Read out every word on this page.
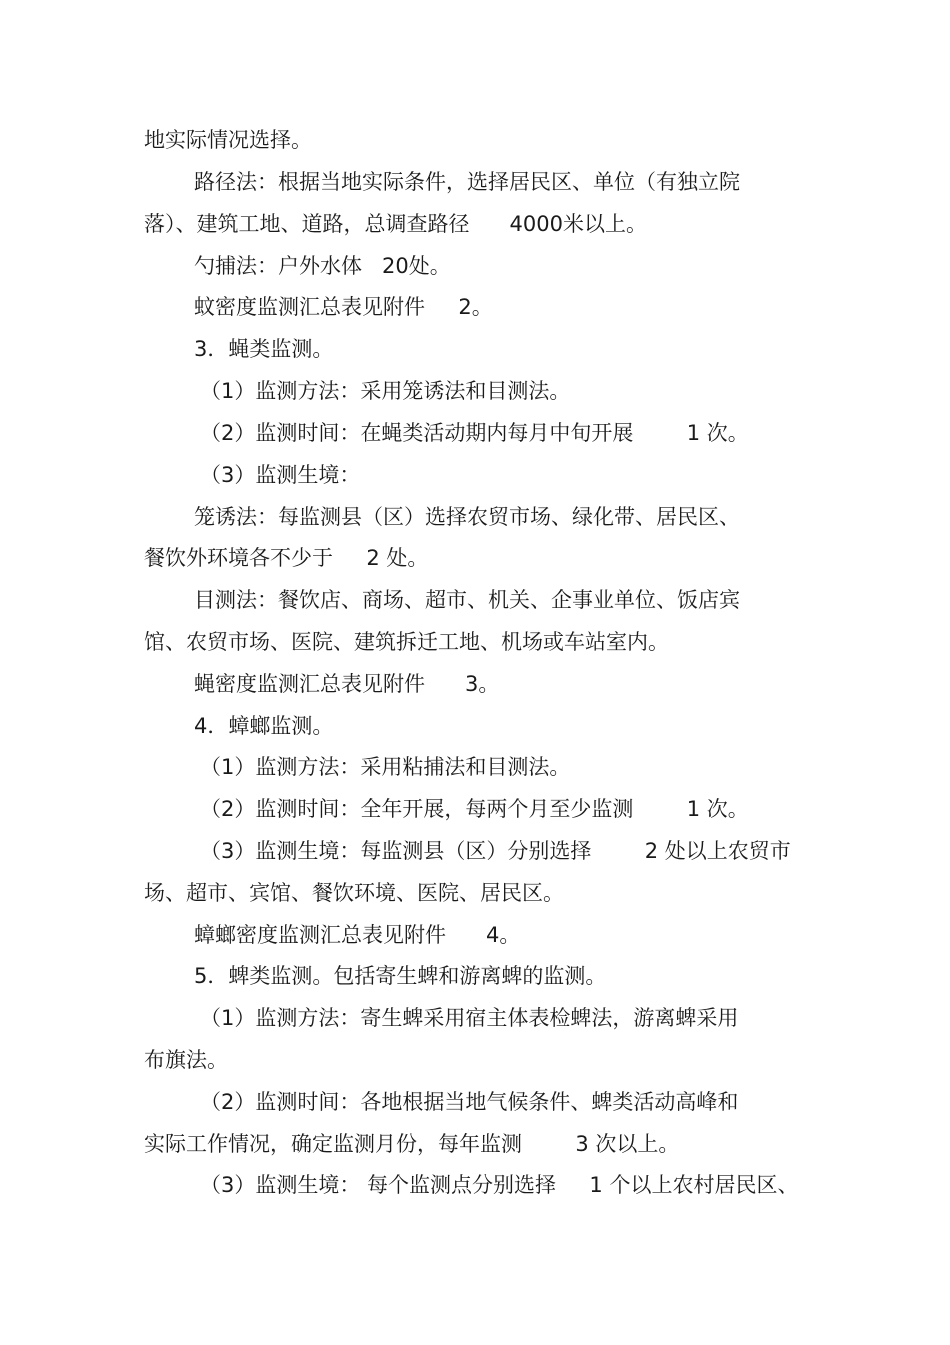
地实际情况选择。
路径法：根据当地实际条件，选择居民区、单位（有独立院
落）、建筑工地、道路，总调查路径      4000米以上。
勺捕法：户外水体   20处。
蚊密度监测汇总表见附件     2。
3．蝇类监测。
（1）监测方法：采用笼诱法和目测法。
（2）监测时间：在蝇类活动期内每月中旬开展        1 次。
（3）监测生境：
笼诱法：每监测县（区）选择农贸市场、绿化带、居民区、
餐饮外环境各不少于     2 处。
目测法：餐饮店、商场、超市、机关、企事业单位、饭店宾
馆、农贸市场、医院、建筑拆迁工地、机场或车站室内。
蝇密度监测汇总表见附件      3。
4．蟑螂监测。
（1）监测方法：采用粘捕法和目测法。
（2）监测时间：全年开展，每两个月至少监测        1 次。
（3）监测生境：每监测县（区）分别选择        2 处以上农贸市
场、超市、宾馆、餐饮环境、医院、居民区。
蟑螂密度监测汇总表见附件      4。
5．蜱类监测。包括寄生蜱和游离蜱的监测。
（1）监测方法：寄生蜱采用宿主体表检蜱法，游离蜱采用
布旗法。
（2）监测时间：各地根据当地气候条件、蜱类活动高峰和
实际工作情况，确定监测月份，每年监测        3 次以上。
（3）监测生境： 每个监测点分别选择     1 个以上农村居民区、
